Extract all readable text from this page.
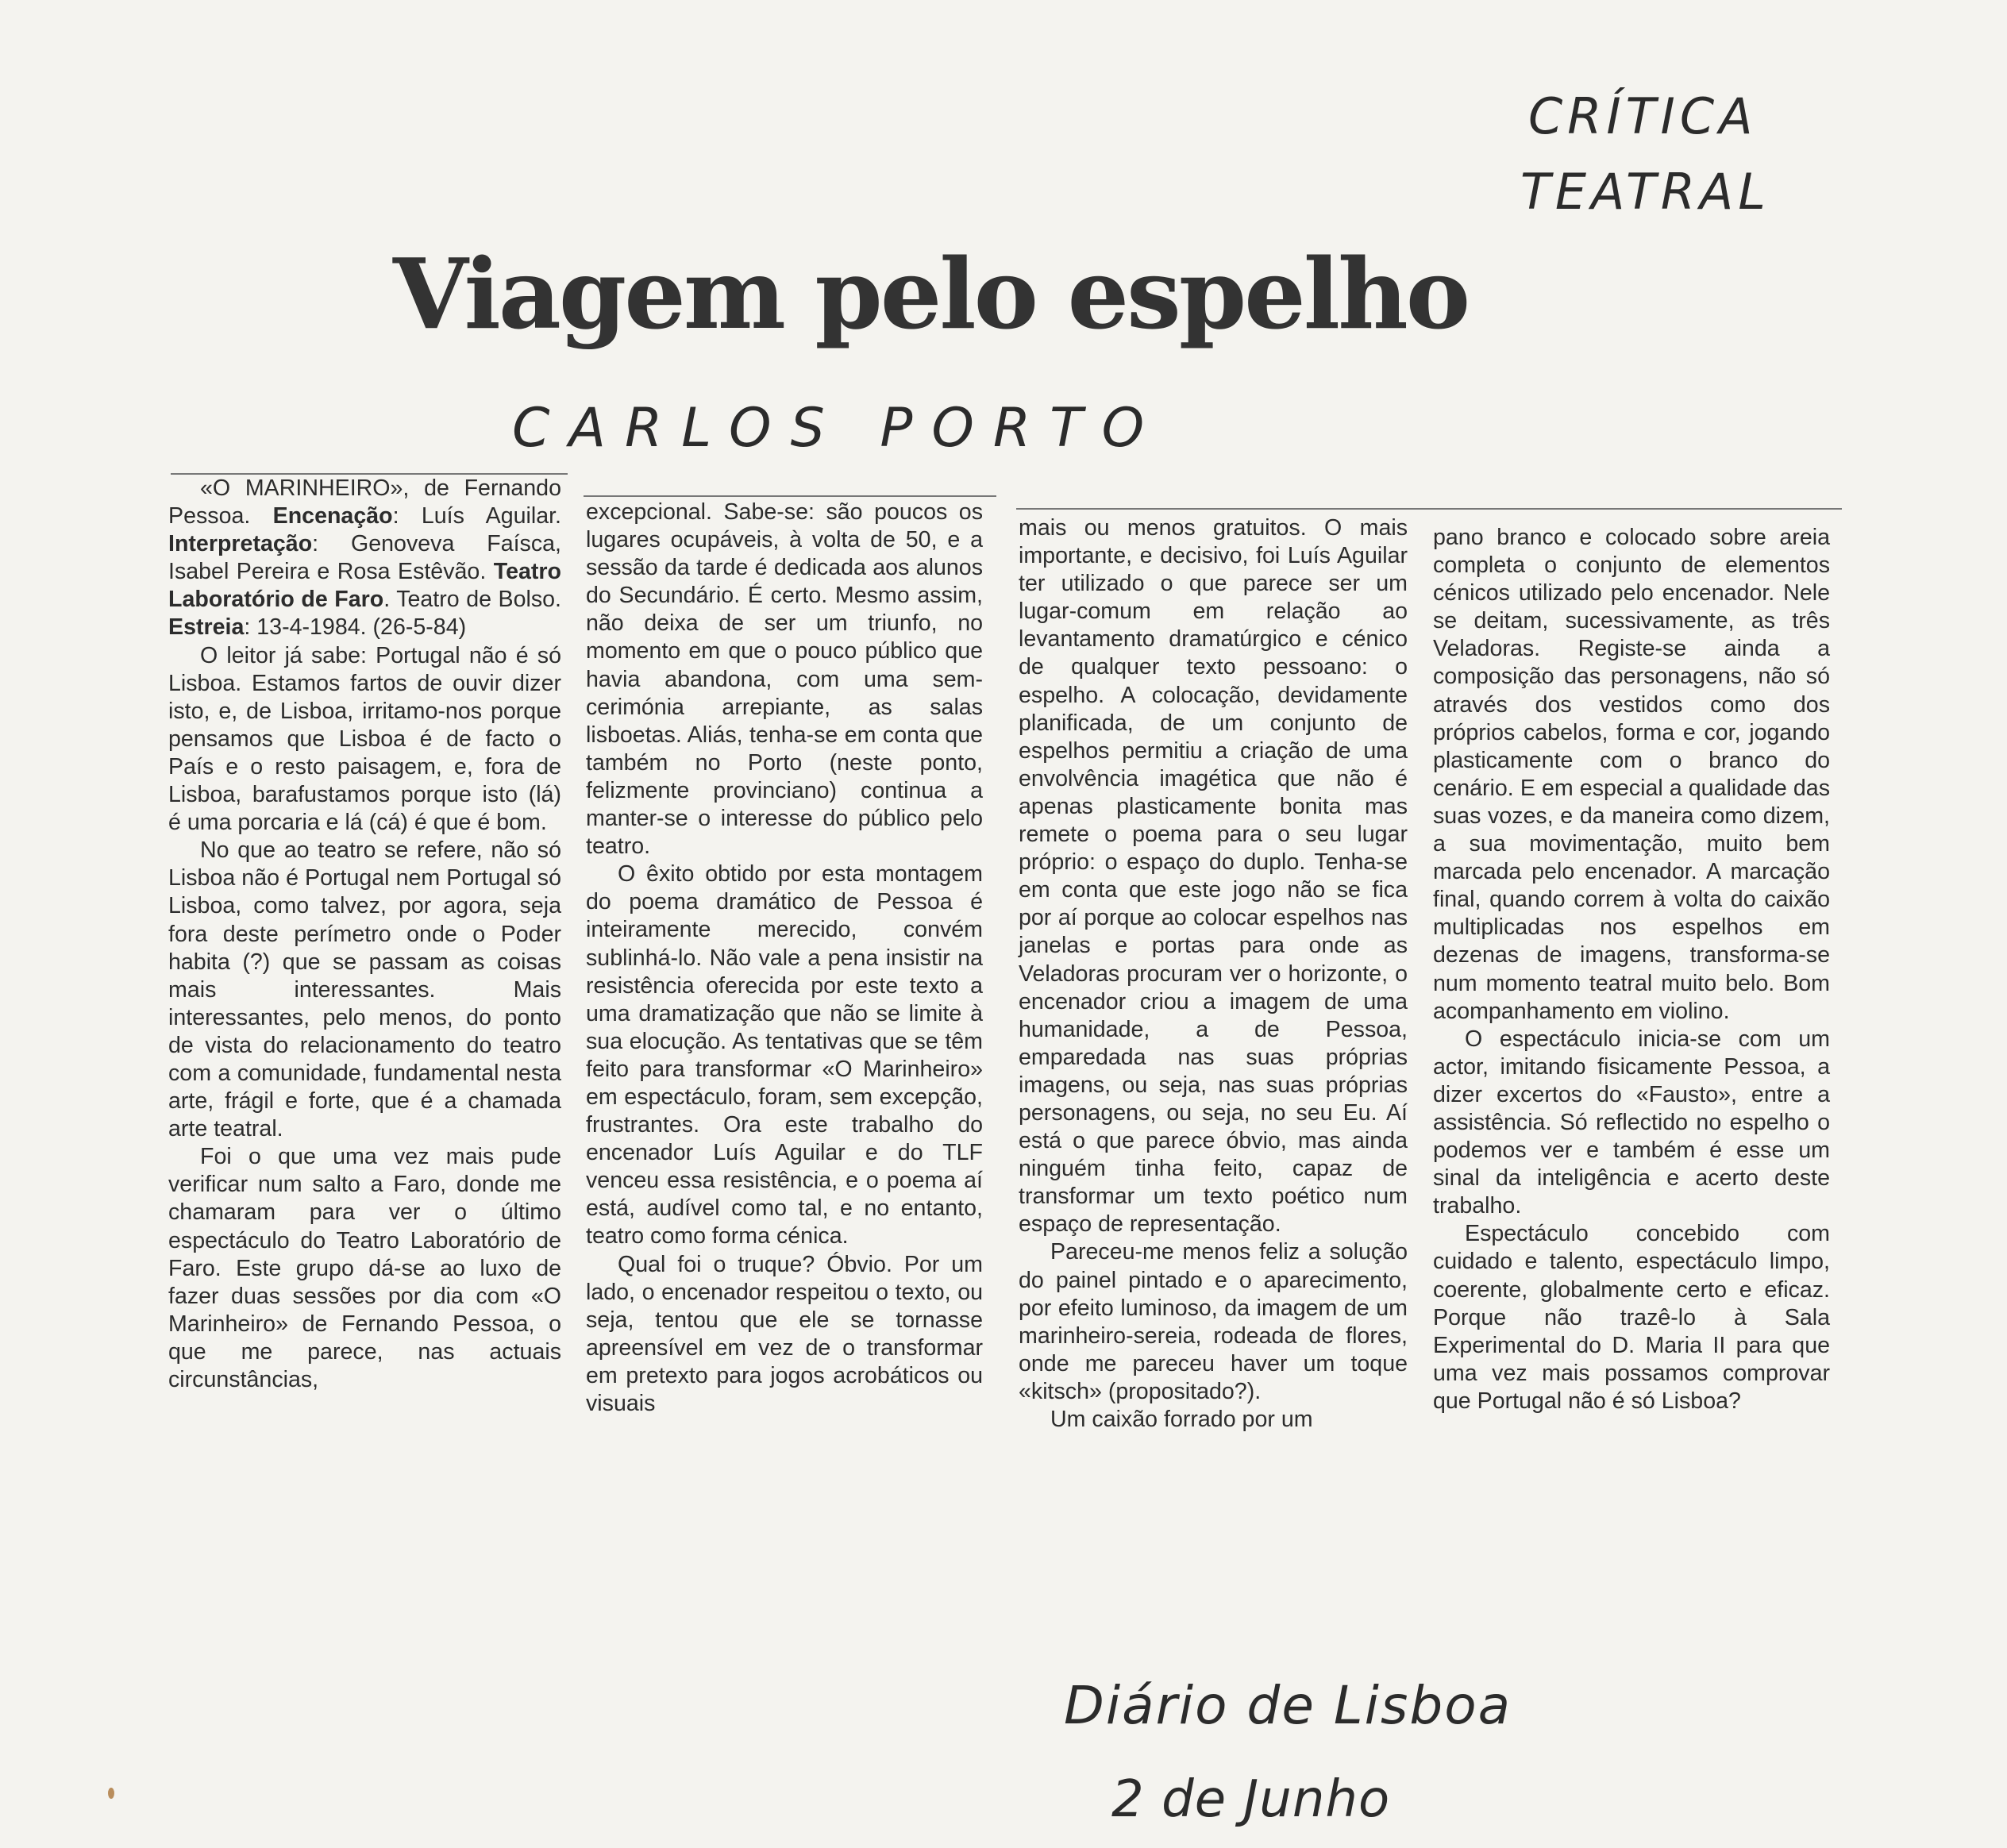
CRÍTICA
TEATRAL
Viagem pelo espelho
CARLOS PORTO

«O MARINHEIRO», de Fernando Pessoa. Encenação: Luís Aguilar. Interpretação: Genoveva Faísca, Isabel Pereira e Rosa Estêvão. Teatro Laboratório de Faro. Teatro de Bolso. Estreia: 13-4-1984. (26-5-84)

O leitor já sabe: Portugal não é só Lisboa. Estamos fartos de ouvir dizer isto, e, de Lisboa, irritamo-nos porque pensamos que Lisboa é de facto o País e o resto paisagem, e, fora de Lisboa, barafustamos porque isto (lá) é uma porcaria e lá (cá) é que é bom.

No que ao teatro se refere, não só Lisboa não é Portugal nem Portugal só Lisboa, como talvez, por agora, seja fora deste perímetro onde o Poder habita (?) que se passam as coisas mais interessantes. Mais interessantes, pelo menos, do ponto de vista do relacionamento do teatro com a comunidade, fundamental nesta arte, frágil e forte, que é a chamada arte teatral.

Foi o que uma vez mais pude verificar num salto a Faro, donde me chamaram para ver o último espectáculo do Teatro Laboratório de Faro. Este grupo dá-se ao luxo de fazer duas sessões por dia com «O Marinheiro» de Fernando Pessoa, o que me parece, nas actuais circunstâncias,

excepcional. Sabe-se: são poucos os lugares ocupáveis, à volta de 50, e a sessão da tarde é dedicada aos alunos do Secundário. É certo. Mesmo assim, não deixa de ser um triunfo, no momento em que o pouco público que havia abandona, com uma sem-cerimónia arrepiante, as salas lisboetas. Aliás, tenha-se em conta que também no Porto (neste ponto, felizmente provinciano) continua a manter-se o interesse do público pelo teatro.

O êxito obtido por esta montagem do poema dramático de Pessoa é inteiramente merecido, convém sublinhá-lo. Não vale a pena insistir na resistência oferecida por este texto a uma dramatização que não se limite à sua elocução. As tentativas que se têm feito para transformar «O Marinheiro» em espectáculo, foram, sem excepção, frustrantes. Ora este trabalho do encenador Luís Aguilar e do TLF venceu essa resistência, e o poema aí está, audível como tal, e no entanto, teatro como forma cénica.

Qual foi o truque? Óbvio. Por um lado, o encenador respeitou o texto, ou seja, tentou que ele se tornasse apreensível em vez de o transformar em pretexto para jogos acrobáticos ou visuais

mais ou menos gratuitos. O mais importante, e decisivo, foi Luís Aguilar ter utilizado o que parece ser um lugar-comum em relação ao levantamento dramatúrgico e cénico de qualquer texto pessoano: o espelho. A colocação, devidamente planificada, de um conjunto de espelhos permitiu a criação de uma envolvência imagética que não é apenas plasticamente bonita mas remete o poema para o seu lugar próprio: o espaço do duplo. Tenha-se em conta que este jogo não se fica por aí porque ao colocar espelhos nas janelas e portas para onde as Veladoras procuram ver o horizonte, o encenador criou a imagem de uma humanidade, a de Pessoa, emparedada nas suas próprias imagens, ou seja, nas suas próprias personagens, ou seja, no seu Eu. Aí está o que parece óbvio, mas ainda ninguém tinha feito, capaz de transformar um texto poético num espaço de representação.

Pareceu-me menos feliz a solução do painel pintado e o aparecimento, por efeito luminoso, da imagem de um marinheiro-sereia, rodeada de flores, onde me pareceu haver um toque «kitsch» (propositado?).

Um caixão forrado por um

pano branco e colocado sobre areia completa o conjunto de elementos cénicos utilizado pelo encenador. Nele se deitam, sucessivamente, as três Veladoras. Registe-se ainda a composição das personagens, não só através dos vestidos como dos próprios cabelos, forma e cor, jogando plasticamente com o branco do cenário. E em especial a qualidade das suas vozes, e da maneira como dizem, a sua movimentação, muito bem marcada pelo encenador. A marcação final, quando correm à volta do caixão multiplicadas nos espelhos em dezenas de imagens, transforma-se num momento teatral muito belo. Bom acompanhamento em violino.

O espectáculo inicia-se com um actor, imitando fisicamente Pessoa, a dizer excertos do «Fausto», entre a assistência. Só reflectido no espelho o podemos ver e também é esse um sinal da inteligência e acerto deste trabalho.

Espectáculo concebido com cuidado e talento, espectáculo limpo, coerente, globalmente certo e eficaz. Porque não trazê-lo à Sala Experimental do D. Maria II para que uma vez mais possamos comprovar que Portugal não é só Lisboa?

Diário de Lisboa
2 de Junho
